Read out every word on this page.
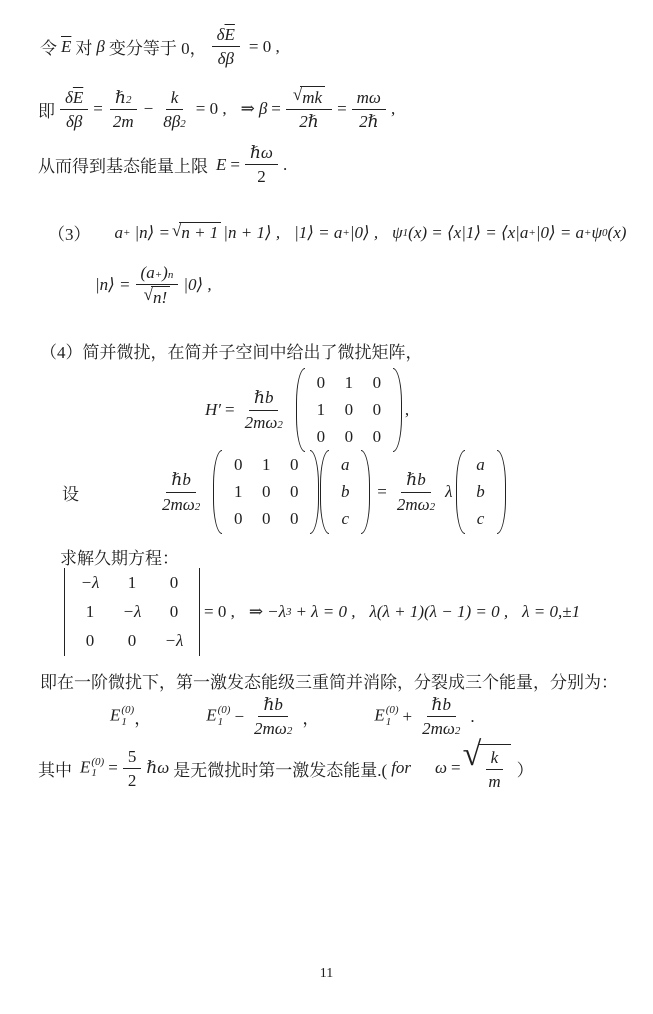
令 $\overline{E}$ 对 β 变分等于 0， $\frac{\delta \overline{E}}{\delta\beta} = 0$ ,
即 $\frac{\delta \overline{E}}{\delta\beta} = \frac{\text{ℏ 2}}{2m} - \frac{k}{8\beta 2} = 0$ , ⇒ $\beta = \frac{√ mk}{\text{2ℏ}} = \frac{m\omega}{\text{2ℏ}}$ ,
从而得到基态能量上限 $E = \frac{\text{ℏω}}{2}$ .
（3） a + |n⟩ = √ n + 1 |n + 1⟩ , |1⟩ = a + |0⟩ , ψ 1 (x) = ⟨x|1⟩ = ⟨x|a + |0⟩ = a + ψ 0 (x)
|n⟩ = $\frac{(a + ) n}{√ n!}$ |0⟩ ,
（4）简并微扰，在简并子空间中给出了微扰矩阵，
$H' = \frac{\text{ℏb}}{2m\omega 2}$
0 1 0
1 0 0
0 0 0
,
设	$\frac{\text{ℏb}}{2m\omega 2}$
0 1 0
1 0 0
0 0 0
a
b
c
= $\frac{\text{ℏb}}{2m\omega 2}$ λ
a
b
c
求解久期方程：
−λ 1 0
1 −λ 0
0 0 −λ
= 0 , ⇒ −λ 3 + λ = 0 , λ(λ + 1)(λ − 1) = 0 , λ = 0,±1
即在一阶微扰下，第一激发态能级三重简并消除，分裂成三个能量，分别为：
E (0)
1 ，	E (0)
$1 - \frac{\text{ℏb}}{2m\omega 2}$ ，	E (0)
$1 + \frac{\text{ℏb}}{2m\omega 2}$ .
其中 E (0)
$1 = \frac{5}{2}$ ℏω 是无微扰时第一激发态能量.( for ω = √ $\frac{k}{m}$ ）
11
